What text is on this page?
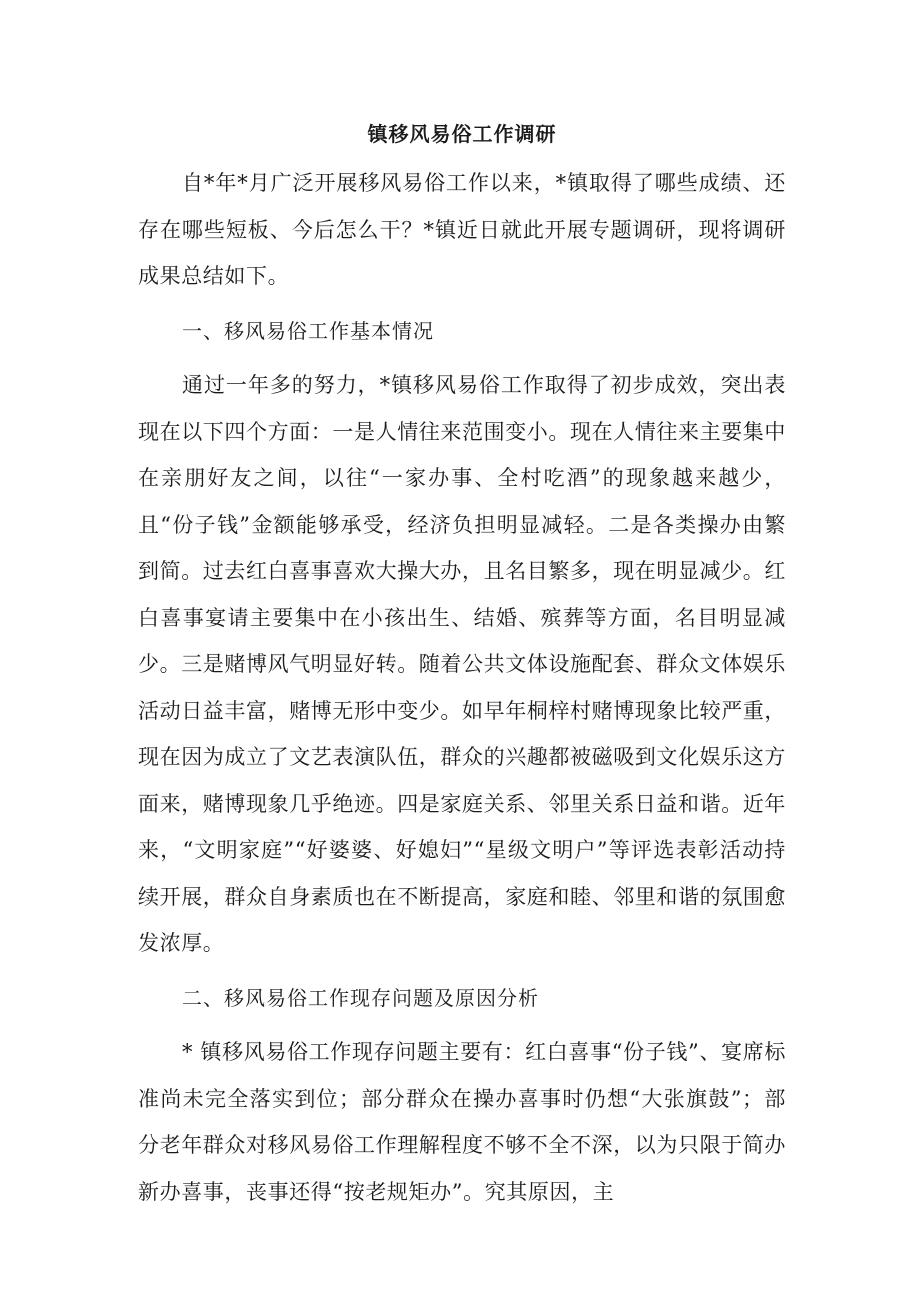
镇移风易俗工作调研

自*年*月广泛开展移风易俗工作以来，*镇取得了哪些成绩、还存在哪些短板、今后怎么干？*镇近日就此开展专题调研，现将调研成果总结如下。

一、移风易俗工作基本情况

通过一年多的努力，*镇移风易俗工作取得了初步成效，突出表现在以下四个方面：一是人情往来范围变小。现在人情往来主要集中在亲朋好友之间，以往“一家办事、全村吃酒”的现象越来越少，且“份子钱”金额能够承受，经济负担明显减轻。二是各类操办由繁到简。过去红白喜事喜欢大操大办，且名目繁多，现在明显减少。红白喜事宴请主要集中在小孩出生、结婚、殡葬等方面，名目明显减少。三是赌博风气明显好转。随着公共文体设施配套、群众文体娱乐活动日益丰富，赌博无形中变少。如早年桐梓村赌博现象比较严重，现在因为成立了文艺表演队伍，群众的兴趣都被磁吸到文化娱乐这方面来，赌博现象几乎绝迹。四是家庭关系、邻里关系日益和谐。近年来，“文明家庭”“好婆婆、好媳妇”“星级文明户”等评选表彰活动持续开展，群众自身素质也在不断提高，家庭和睦、邻里和谐的氛围愈发浓厚。

二、移风易俗工作现存问题及原因分析

* 镇移风易俗工作现存问题主要有：红白喜事“份子钱”、宴席标准尚未完全落实到位；部分群众在操办喜事时仍想“大张旗鼓”；部分老年群众对移风易俗工作理解程度不够不全不深，以为只限于简办新办喜事，丧事还得“按老规矩办”。究其原因，主
